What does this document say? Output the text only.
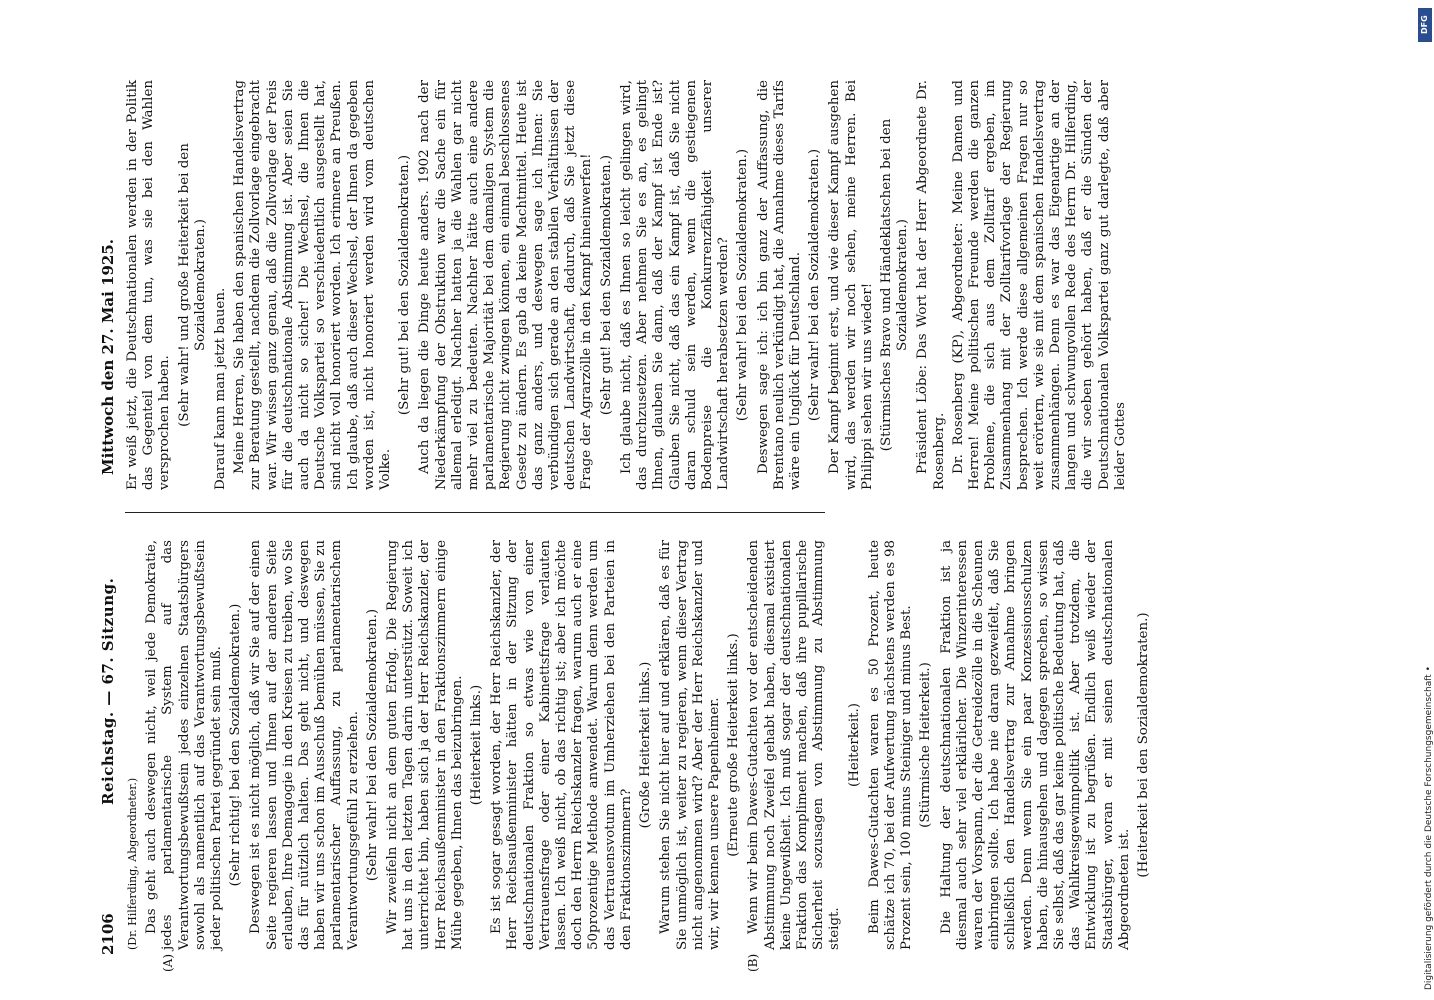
2106
Reichstag. — 67. Sitzung.
Mittwoch den 27. Mai 1925.
(A)	(B)

(Dr. Hilferding, Abgeordneter.) Das geht auch deswegen nicht, weil jede Demokratie, jedes parlamentarische System auf das Verantwortungsbewußtsein jedes einzelnen Staatsbürgers sowohl als namentlich auf das Verantwortungsbewußtsein jeder politischen Partei gegründet sein muß. (Sehr richtig! bei den Sozialdemokraten.) Deswegen ist es nicht möglich, daß wir Sie auf der einen Seite regieren lassen und Ihnen auf der anderen Seite erlauben, Ihre Demagogie in den Kreisen zu treiben, wo Sie das für nützlich halten. Das geht nicht, und deswegen haben wir uns schon im Ausschuß bemühen müssen, Sie zu parlamentarischer Auffassung, zu parlamentarischem Verantwortungsgefühl zu erziehen. (Sehr wahr! bei den Sozialdemokraten.) Wir zweifeln nicht an dem guten Erfolg. Die Regierung hat uns in den letzten Tagen darin unterstützt. Soweit ich unterrichtet bin, haben sich ja der Herr Reichskanzler, der Herr Reichsaußenminister in den Fraktionszimmern einige Mühe gegeben, Ihnen das beizubringen. (Heiterkeit links.) Es ist sogar gesagt worden, der Herr Reichskanzler, der Herr Reichsaußenminister hätten in der Sitzung der deutschnationalen Fraktion so etwas wie von einer Vertrauensfrage oder einer Kabinettsfrage verlauten lassen. Ich weiß nicht, ob das richtig ist; aber ich möchte doch den Herrn Reichskanzler fragen, warum auch er eine 50prozentige Methode anwendet. Warum denn werden um das Vertrauensvotum im Umherziehen bei den Parteien in den Fraktionszimmern?

(Große Heiterkeit links.) Warum stehen Sie nicht hier auf und erklären, daß es für Sie unmöglich ist, weiter zu regieren, wenn dieser Vertrag nicht angenommen wird? Aber der Herr Reichskanzler und wir, wir kennen unsere Papenheimer. (Erneute große Heiterkeit links.) Wenn wir beim Dawes-Gutachten vor der entscheidenden Abstimmung noch Zweifel gehabt haben, diesmal existiert keine Ungewißheit. Ich muß sogar der deutschnationalen Fraktion das Kompliment machen, daß ihre pupillarische Sicherheit sozusagen von Abstimmung zu Abstimmung steigt.

(Heiterkeit.) Beim Dawes-Gutachten waren es 50 Prozent, heute schätze ich 70, bei der Aufwertung nächstens werden es 98 Prozent sein, 100 minus Steiniger und minus Best. (Stürmische Heiterkeit.) Die Haltung der deutschnationalen Fraktion ist ja diesmal auch sehr viel erklärlicher. Die Winzerinteressen waren der Vorspann, der die Getreidezölle in die Scheunen einbringen sollte. Ich habe nie daran gezweifelt, daß Sie schließlich den Handelsvertrag zur Annahme bringen werden. Denn wenn Sie ein paar Konzessionsschulzen haben, die hinausgehen und dagegen sprechen, so wissen Sie selbst, daß das gar keine politische Bedeutung hat, daß das Wahlkreisgewinnpolitik ist. Aber trotzdem, die Entwicklung ist zu begrüßen. Endlich weiß wieder der Staatsbürger, woran er mit seinen deutschnationalen Abgeordneten ist.

(Heiterkeit bei den Sozialdemokraten.)

Er weiß jetzt, die Deutschnationalen werden in der Politik das Gegenteil von dem tun, was sie bei den Wahlen versprochen haben. (Sehr wahr! und große Heiterkeit bei den Sozialdemokraten.)

Darauf kann man jetzt bauen. Meine Herren, Sie haben den spanischen Handelsvertrag zur Beratung gestellt, nachdem die Zollvorlage eingebracht war. Wir wissen ganz genau, daß die Zollvorlage der Preis für die deutschnationale Abstimmung ist. Aber seien Sie auch da nicht so sicher! Die Wechsel, die Ihnen die Deutsche Volkspartei so verschiedentlich ausgestellt hat, sind nicht voll honoriert worden. Ich erinnere an Preußen. Ich glaube, daß auch dieser Wechsel, der Ihnen da gegeben worden ist, nicht honoriert werden wird vom deutschen Volke.

(Sehr gut! bei den Sozialdemokraten.) Auch da liegen die Dinge heute anders. 1902 nach der Niederkämpfung der Obstruktion war die Sache ein für allemal erledigt. Nachher hatten ja die Wahlen gar nicht mehr viel zu bedeuten. Nachher hätte auch eine andere parlamentarische Majorität bei dem damaligen System die Regierung nicht zwingen können, ein einmal beschlossenes Gesetz zu ändern. Es gab da keine Machtmittel. Heute ist das ganz anders, und deswegen sage ich Ihnen: Sie verbündigen sich gerade an den stabilen Verhältnissen der deutschen Landwirtschaft, dadurch, daß Sie jetzt diese Frage der Agrarzölle in den Kampf hineinwerfen! (Sehr gut! bei den Sozialdemokraten.) Ich glaube nicht, daß es Ihnen so leicht gelingen wird, das durchzusetzen. Aber nehmen Sie es an, es gelingt Ihnen, glauben Sie dann, daß der Kampf ist Ende ist? Glauben Sie nicht, daß das ein Kampf ist, daß Sie nicht daran schuld sein werden, wenn die gestiegenen Bodenpreise die Konkurrenzfähigkeit unserer Landwirtschaft herabsetzen werden? (Sehr wahr! bei den Sozialdemokraten.) Deswegen sage ich: ich bin ganz der Auffassung, die Brentano neulich verkündigt hat, die Annahme dieses Tarifs wäre ein Unglück für Deutschland. (Sehr wahr! bei den Sozialdemokraten.) Der Kampf beginnt erst, und wie dieser Kampf ausgehen wird, das werden wir noch sehen, meine Herren. Bei Philippi sehen wir uns wieder! (Stürmisches Bravo und Händeklatschen bei den Sozialdemokraten.) Präsident Löbe: Das Wort hat der Herr Abgeordnete Dr. Rosenberg. Dr. Rosenberg (KP), Abgeordneter: Meine Damen und Herren! Meine politischen Freunde werden die ganzen Probleme, die sich aus dem Zolltarif ergeben, im Zusammenhang mit der Zolltarifvorlage der Regierung besprechen. Ich werde diese allgemeinen Fragen nur so weit erörtern, wie sie mit dem spanischen Handelsvertrag zusammenhängen. Denn es war das Eigenartige an der langen und schwungvollen Rede des Herrn Dr. Hilferding, die wir soeben gehört haben, daß er die Sünden der Deutschnationalen Volkspartei ganz gut darlegte, daß aber leider Gottes

Digitalisierung gefördert durch die Deutsche Forschungsgemeinschaft •
DFG
